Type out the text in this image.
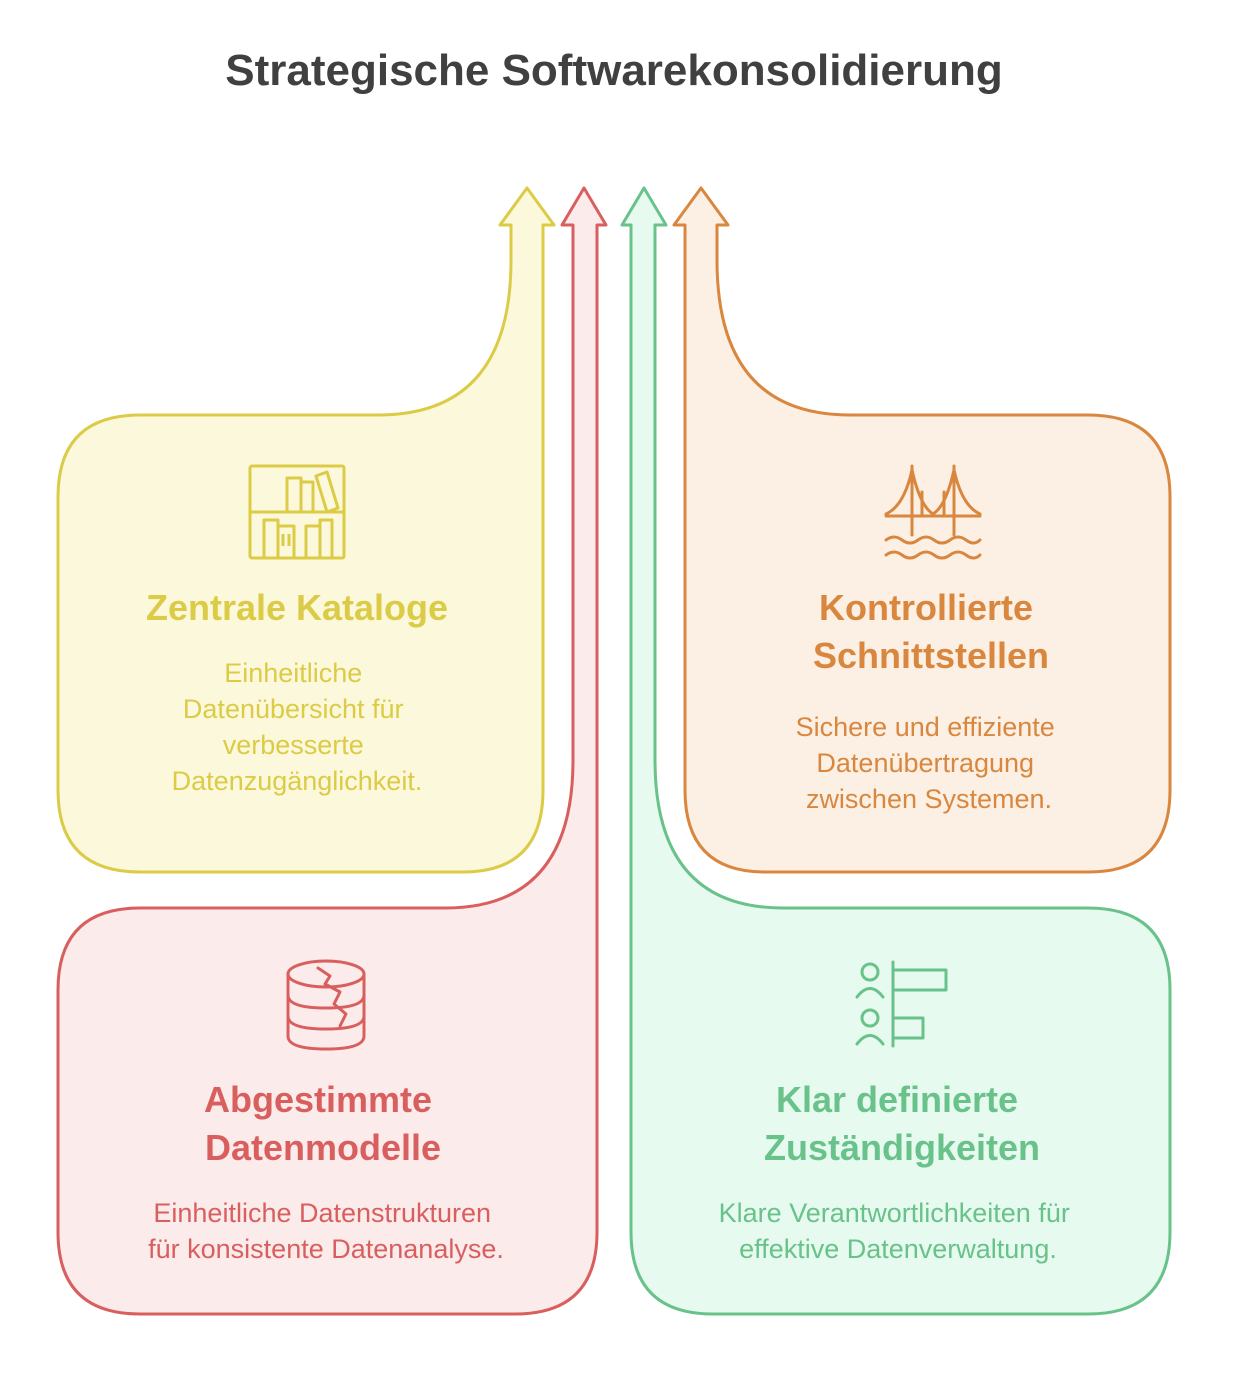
Strategische Softwarekonsolidierung
Zentrale Kataloge
Einheitliche Datenübersicht für verbesserte Datenzugänglichkeit.
Kontrollierte Schnittstellen
Sichere und effiziente Datenübertragung zwischen Systemen.
Abgestimmte Datenmodelle
Einheitliche Datenstrukturen für konsistente Datenanalyse.
Klar definierte Zuständigkeiten
Klare Verantwortlichkeiten für effektive Datenverwaltung.
